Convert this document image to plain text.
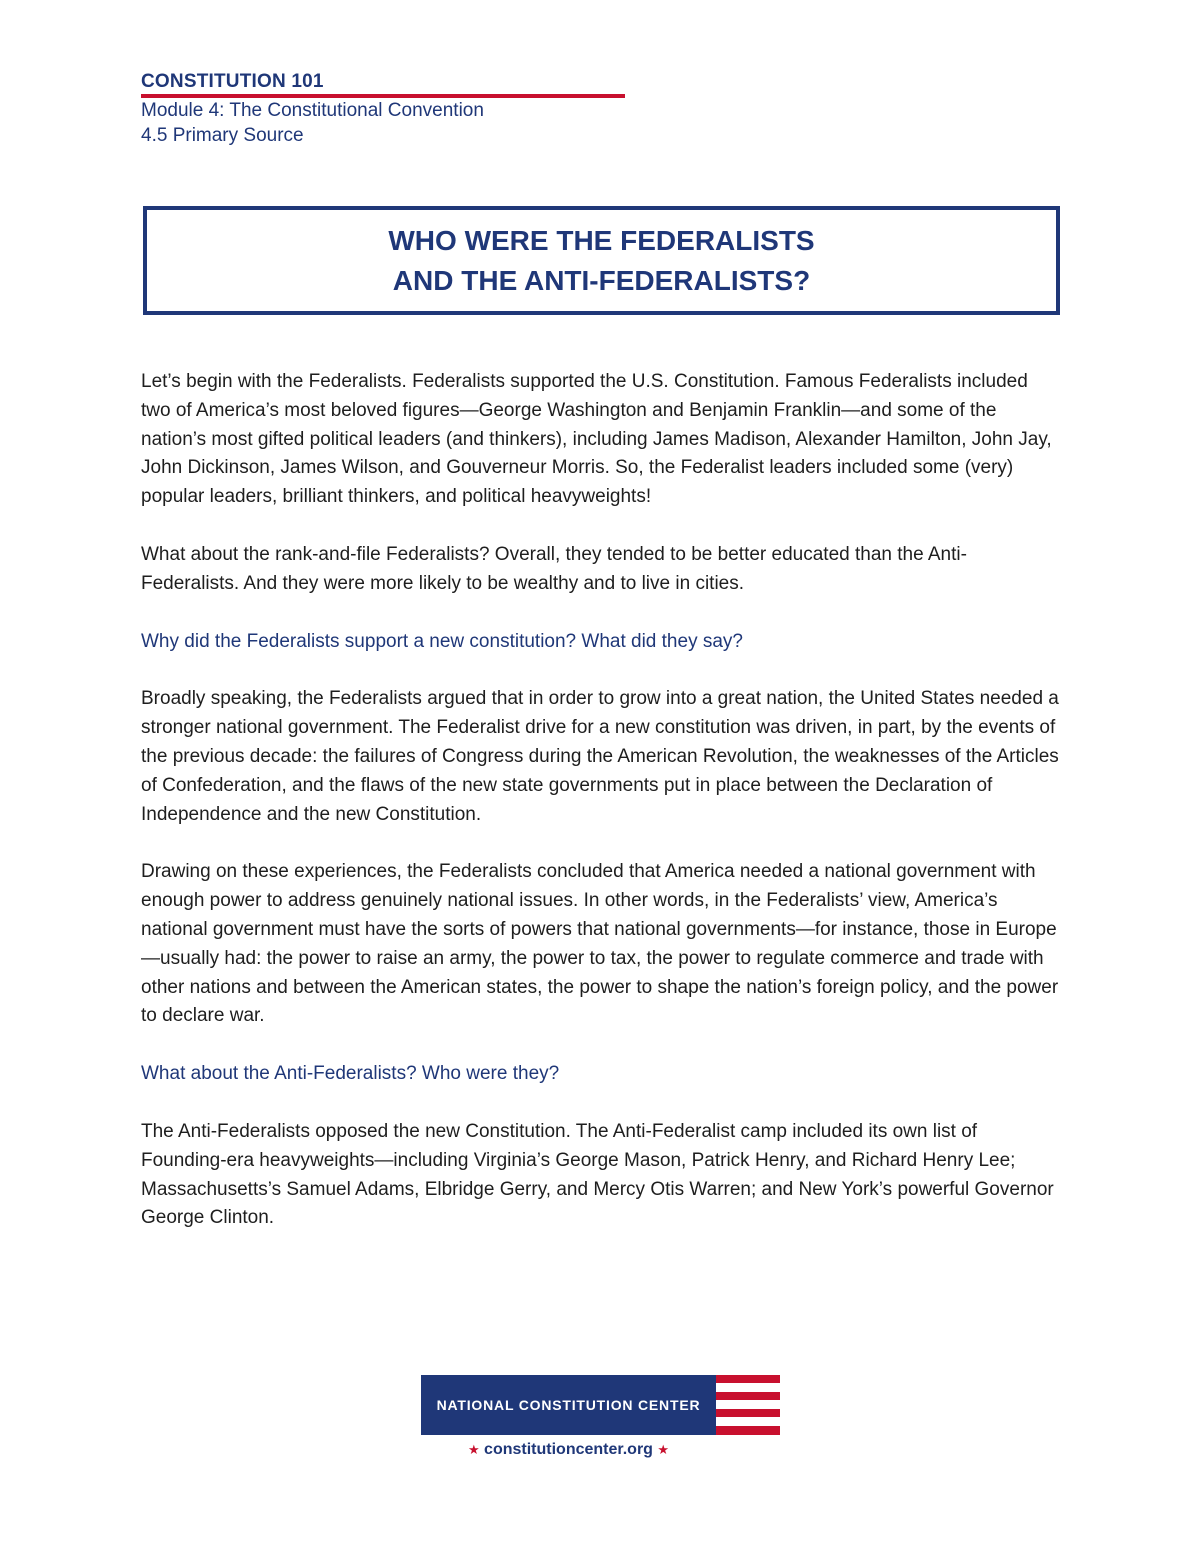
CONSTITUTION 101
Module 4: The Constitutional Convention
4.5 Primary Source
WHO WERE THE FEDERALISTS
AND THE ANTI-FEDERALISTS?

Let’s begin with the Federalists. Federalists supported the U.S. Constitution. Famous Federalists included two of America’s most beloved figures—George Washington and Benjamin Franklin—and some of the nation’s most gifted political leaders (and thinkers), including James Madison, Alexander Hamilton, John Jay, John Dickinson, James Wilson, and Gouverneur Morris. So, the Federalist leaders included some (very) popular leaders, brilliant thinkers, and political heavyweights!

What about the rank-and-file Federalists? Overall, they tended to be better educated than the Anti-Federalists. And they were more likely to be wealthy and to live in cities.

Why did the Federalists support a new constitution? What did they say?

Broadly speaking, the Federalists argued that in order to grow into a great nation, the United States needed a stronger national government. The Federalist drive for a new constitution was driven, in part, by the events of the previous decade: the failures of Congress during the American Revolution, the weaknesses of the Articles of Confederation, and the flaws of the new state governments put in place between the Declaration of Independence and the new Constitution.

Drawing on these experiences, the Federalists concluded that America needed a national government with enough power to address genuinely national issues. In other words, in the Federalists’ view, America’s national government must have the sorts of powers that national governments—for instance, those in Europe—usually had: the power to raise an army, the power to tax, the power to regulate commerce and trade with other nations and between the American states, the power to shape the nation’s foreign policy, and the power to declare war.

What about the Anti-Federalists? Who were they?

The Anti-Federalists opposed the new Constitution. The Anti-Federalist camp included its own list of Founding-era heavyweights—including Virginia’s George Mason, Patrick Henry, and Richard Henry Lee; Massachusetts’s Samuel Adams, Elbridge Gerry, and Mercy Otis Warren; and New York’s powerful Governor George Clinton.

NATIONAL CONSTITUTION CENTER
★ constitutioncenter.org ★
